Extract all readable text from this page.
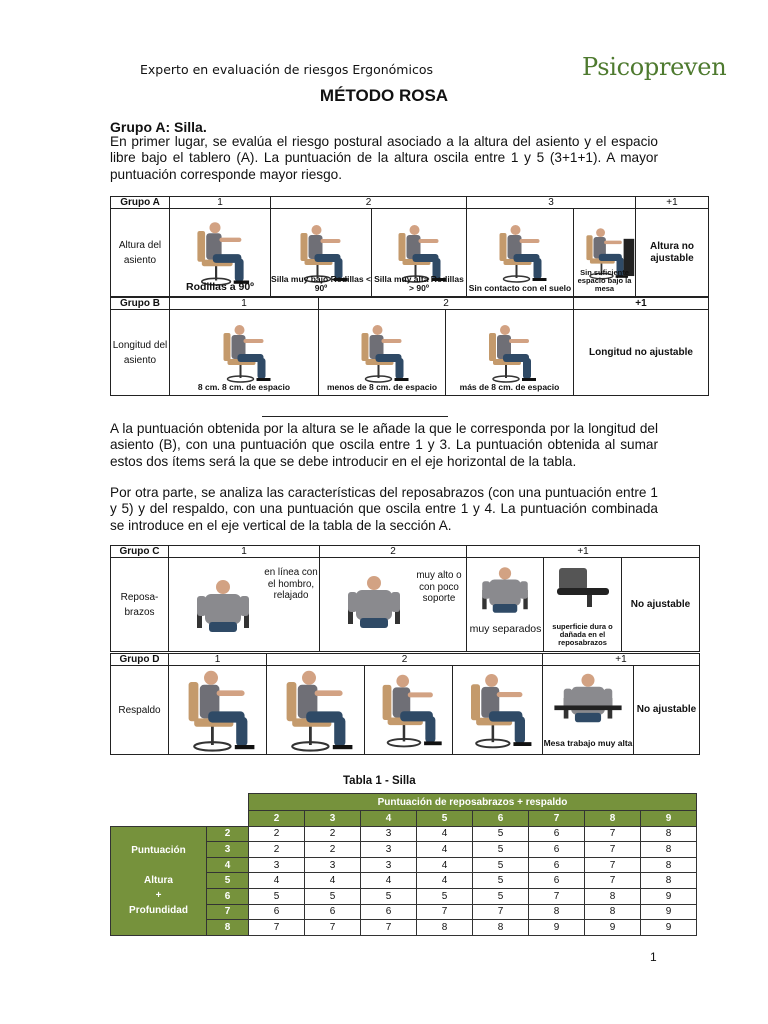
Experto en evaluación de riesgos Ergonómicos	Psicopreven
MÉTODO ROSA
Grupo A: Silla.
En primer lugar, se evalúa el riesgo postural asociado a la altura del asiento y el espacio libre bajo el tablero (A). La puntuación de la altura oscila entre 1 y 5 (3+1+1). A mayor puntuación corresponde mayor riesgo.
Grupo A	1	2		3		+1
Altura del asiento	Rodillas a 90º	Silla muy bajo Rodillas < 90º	Silla muy alta Rodillas > 90º	Sin contacto con el suelo	Sin suficiente espacio bajo la mesa	Altura no ajustable
Grupo B	1	2		+1
Longitud del asiento	8 cm. 8 cm. de espacio	menos de 8 cm. de espacio	más de 8 cm. de espacio	Longitud no ajustable
A la puntuación obtenida por la altura se le añade la que le corresponda por la longitud del asiento (B), con una puntuación que oscila entre 1 y 3. La puntuación obtenida al sumar estos dos ítems será la que se debe introducir en el eje horizontal de la tabla.
Por otra parte, se analiza las características del reposabrazos (con una puntuación entre 1 y 5) y del respaldo, con una puntuación que oscila entre 1 y 4. La puntuación combinada se introduce en el eje vertical de la tabla de la sección A.
Grupo C	1	2	+1		
Reposa-brazos	en línea con el hombro, relajado	muy alto o con poco soporte	muy separados	superficie dura o dañada en el reposabrazos	No ajustable
Grupo D	1	2			+1	
Respaldo					Mesa trabajo muy alta	No ajustable
Tabla 1 - Silla
		Puntuación de reposabrazos + respaldo							
		2	3	4	5	6	7	8	9

Puntuación
Altura
+
Profundidad	2	2	2	3	4	5	6	7	8
	3	2	2	3	4	5	6	7	8
	4	3	3	3	4	5	6	7	8
	5	4	4	4	4	5	6	7	8
	6	5	5	5	5	5	7	8	9
	7	6	6	6	7	7	8	8	9
	8	7	7	7	8	8	9	9	9
1
